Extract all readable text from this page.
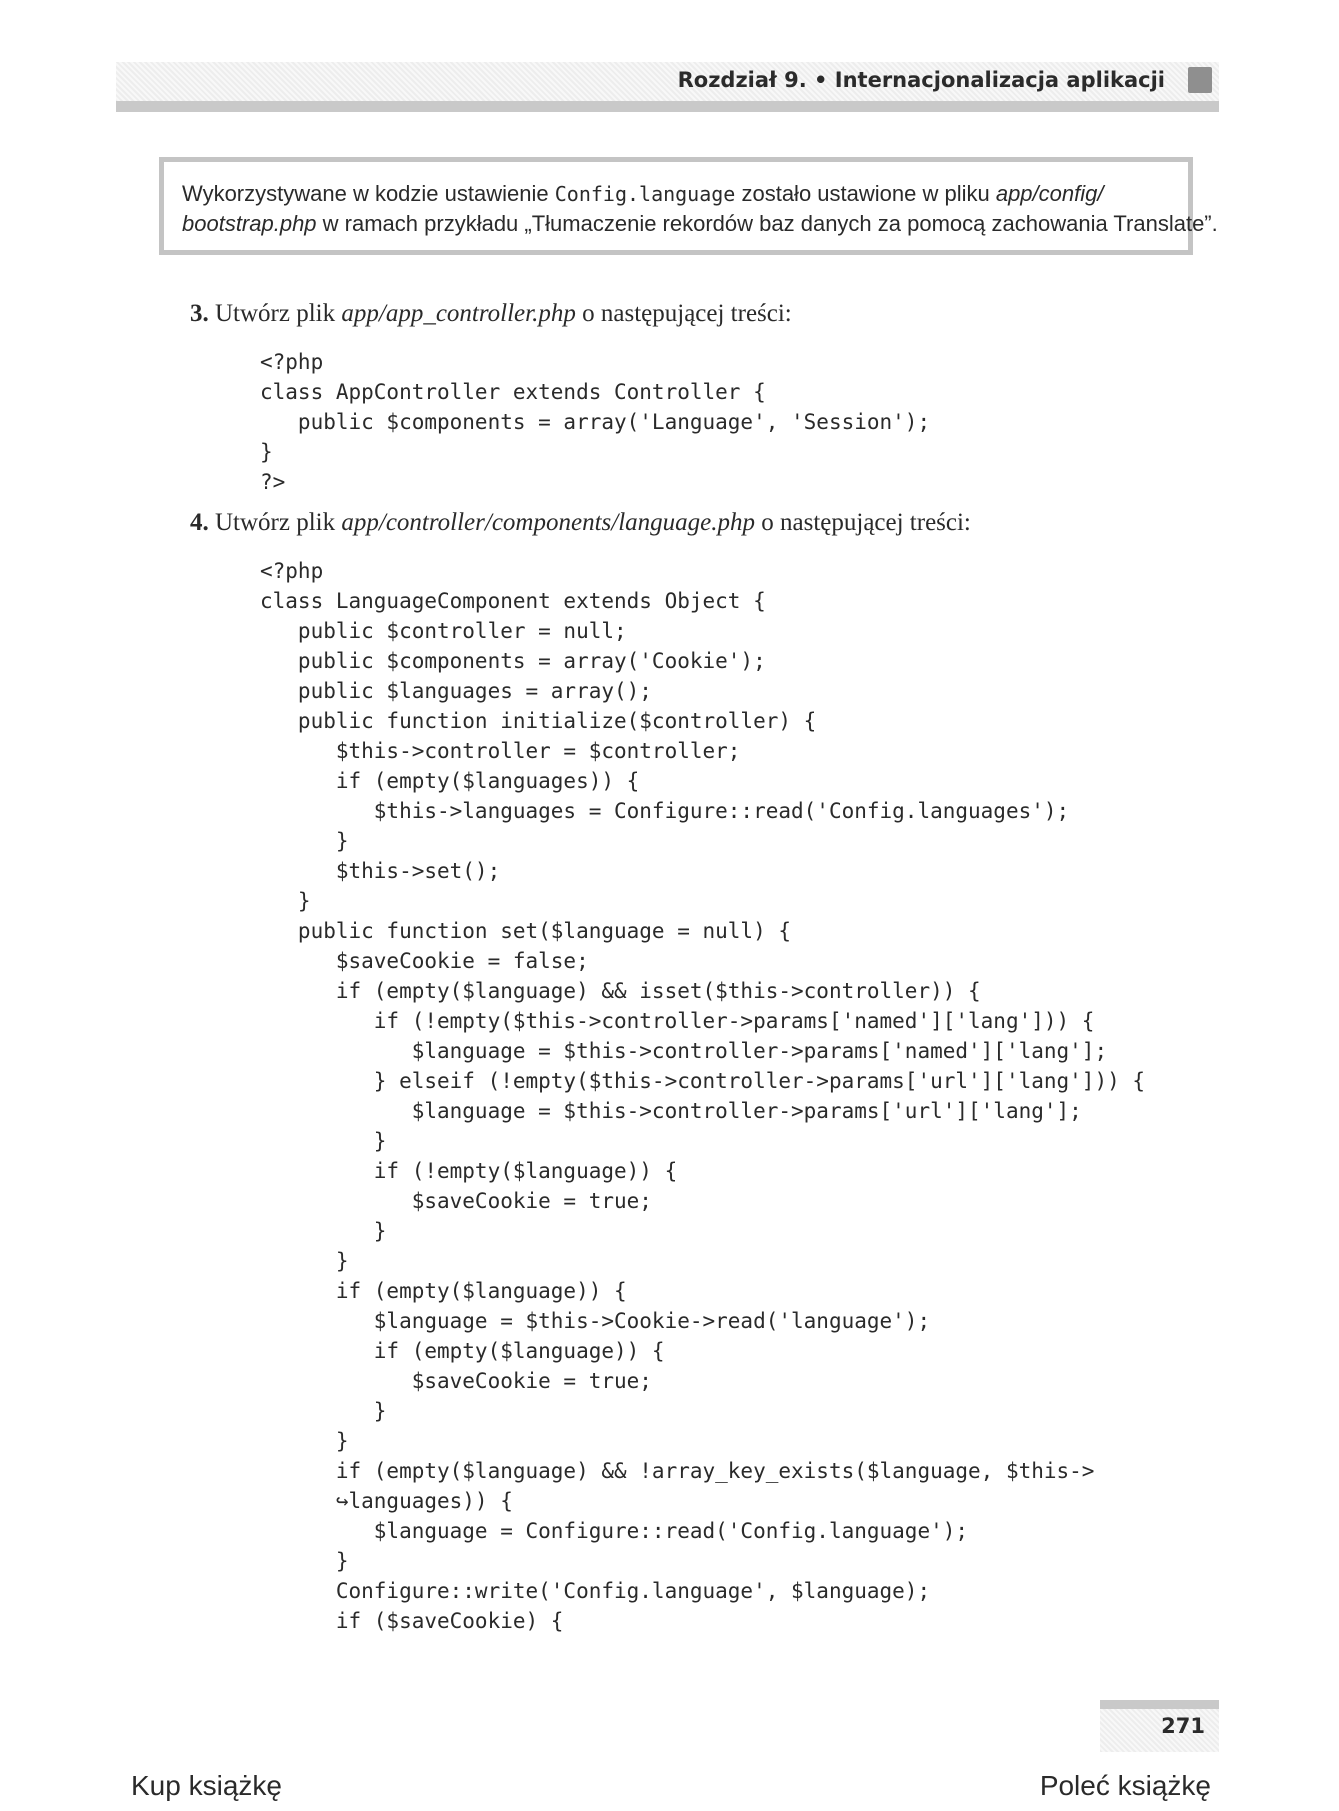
Rozdział 9. • Internacjonalizacja aplikacji
Wykorzystywane w kodzie ustawienie Config.language zostało ustawione w pliku app/config/
bootstrap.php w ramach przykładu „Tłumaczenie rekordów baz danych za pomocą zachowania Translate”.
3. Utwórz plik app/app_controller.php o następującej treści:
<?php
class AppController extends Controller {
public $components = array('Language', 'Session');
}
?>
4. Utwórz plik app/controller/components/language.php o następującej treści:
<?php
class LanguageComponent extends Object {
public $controller = null;
public $components = array('Cookie');
public $languages = array();
public function initialize($controller) {
$this->controller = $controller;
if (empty($languages)) {
$this->languages = Configure::read('Config.languages');
}
$this->set();
}
public function set($language = null) {
$saveCookie = false;
if (empty($language) && isset($this->controller)) {
if (!empty($this->controller->params['named']['lang'])) {
$language = $this->controller->params['named']['lang'];
} elseif (!empty($this->controller->params['url']['lang'])) {
$language = $this->controller->params['url']['lang'];
}
if (!empty($language)) {
$saveCookie = true;
}
}
if (empty($language)) {
$language = $this->Cookie->read('language');
if (empty($language)) {
$saveCookie = true;
}
}
if (empty($language) && !array_key_exists($language, $this->
↪languages)) {
$language = Configure::read('Config.language');
}
Configure::write('Config.language', $language);
if ($saveCookie) {
271
Kup książkę	Poleć książkę
